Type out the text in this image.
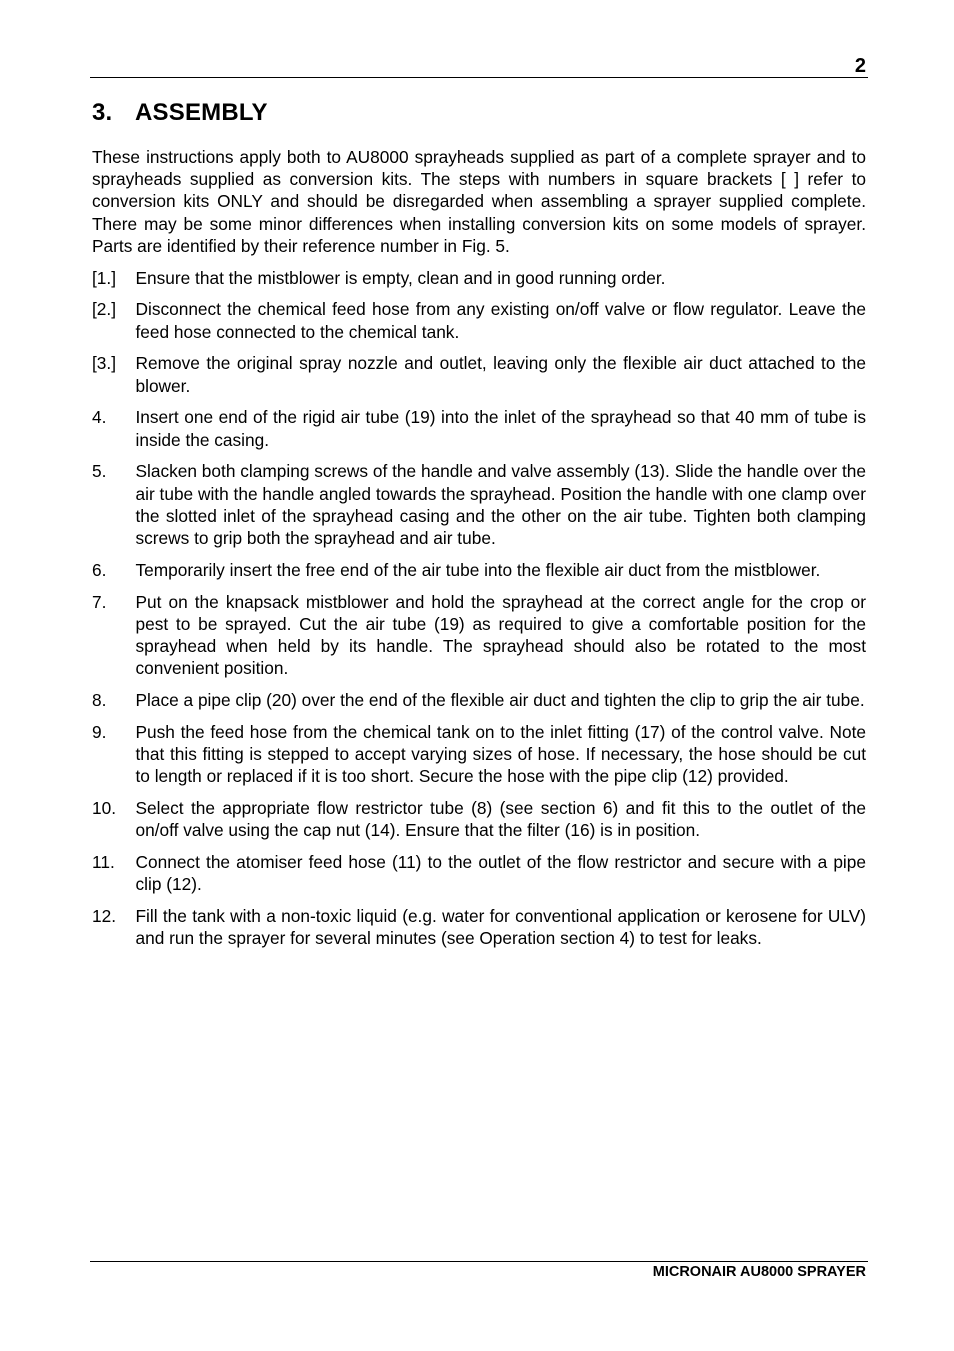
2
3. ASSEMBLY

These instructions apply both to AU8000 sprayheads supplied as part of a complete sprayer and to sprayheads supplied as conversion kits. The steps with numbers in square brackets [ ] refer to conversion kits ONLY and should be disregarded when assembling a sprayer supplied complete. There may be some minor differences when installing conversion kits on some models of sprayer. Parts are identified by their reference number in Fig. 5.

[1.]	Ensure that the mistblower is empty, clean and in good running order.
[2.]	Disconnect the chemical feed hose from any existing on/off valve or flow regulator. Leave the feed hose connected to the chemical tank.
[3.]	Remove the original spray nozzle and outlet, leaving only the flexible air duct attached to the blower.
4.	Insert one end of the rigid air tube (19) into the inlet of the sprayhead so that 40 mm of tube is inside the casing.
5.	Slacken both clamping screws of the handle and valve assembly (13). Slide the handle over the air tube with the handle angled towards the sprayhead. Position the handle with one clamp over the slotted inlet of the sprayhead casing and the other on the air tube. Tighten both clamping screws to grip both the sprayhead and air tube.
6.	Temporarily insert the free end of the air tube into the flexible air duct from the mistblower.
7.	Put on the knapsack mistblower and hold the sprayhead at the correct angle for the crop or pest to be sprayed. Cut the air tube (19) as required to give a comfortable position for the sprayhead when held by its handle. The sprayhead should also be rotated to the most convenient position.
8.	Place a pipe clip (20) over the end of the flexible air duct and tighten the clip to grip the air tube.
9.	Push the feed hose from the chemical tank on to the inlet fitting (17) of the control valve. Note that this fitting is stepped to accept varying sizes of hose. If necessary, the hose should be cut to length or replaced if it is too short. Secure the hose with the pipe clip (12) provided.
10.	Select the appropriate flow restrictor tube (8) (see section 6) and fit this to the outlet of the on/off valve using the cap nut (14). Ensure that the filter (16) is in position.
11.	Connect the atomiser feed hose (11) to the outlet of the flow restrictor and secure with a pipe clip (12).
12.	Fill the tank with a non-toxic liquid (e.g. water for conventional application or kerosene for ULV) and run the sprayer for several minutes (see Operation section 4) to test for leaks.
MICRONAIR AU8000 SPRAYER
